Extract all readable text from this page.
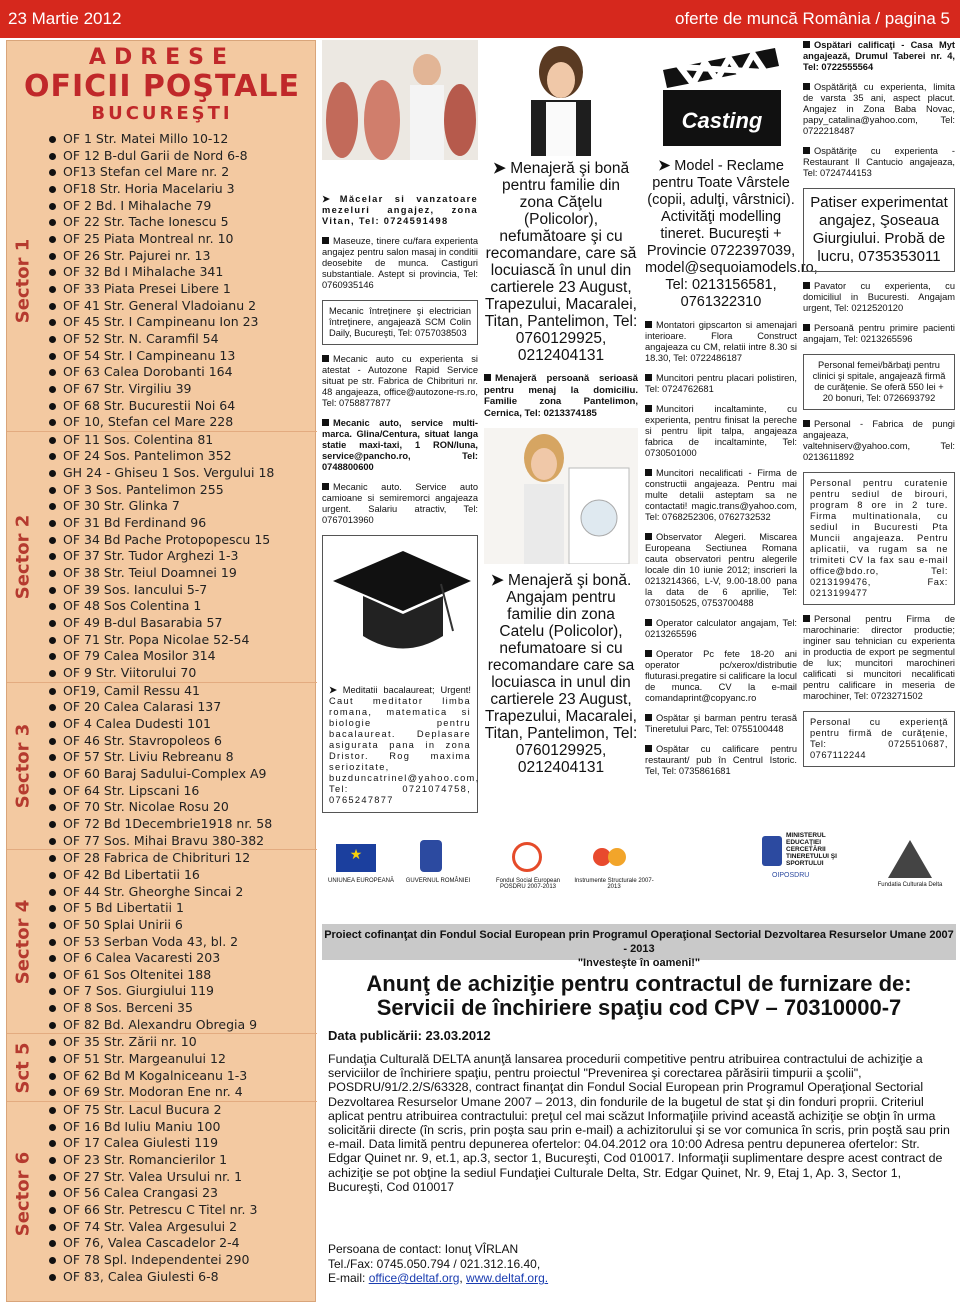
23 Martie 2012	oferte de muncă România / pagina 5
ADRESE
OFICII POŞTALE
BUCUREŞTI
Sector 1
OF 1 Str. Matei Millo 10-12
OF 12 B-dul Garii de Nord 6-8
OF13 Stefan cel Mare nr. 2
OF18 Str. Horia Macelariu 3
OF 2 Bd. I Mihalache 79
OF 22 Str. Tache Ionescu 5
OF 25 Piata Montreal nr. 10
OF 26 Str. Pajurei nr. 13
OF 32 Bd I Mihalache 341
OF 33 Piata Presei Libere 1
OF 41 Str. General Vladoianu 2
OF 45 Str. I Campineanu Ion 23
OF 52 Str. N. Caramfil 54
OF 54 Str. I Campineanu 13
OF 63 Calea Dorobanti 164
OF 67 Str. Virgiliu 39
OF 68 Str. Bucurestii Noi 64
OF 10, Stefan cel Mare 228
Sector 2
OF 11 Sos. Colentina 81
OF 24 Sos. Pantelimon 352
GH 24 - Ghiseu 1 Sos. Vergului 18
OF 3 Sos. Pantelimon 255
OF 30 Str. Glinka 7
OF 31 Bd Ferdinand 96
OF 34 Bd Pache Protopopescu 15
OF 37 Str. Tudor Arghezi 1-3
OF 38 Str. Teiul Doamnei 19
OF 39 Sos. Iancului 5-7
OF 48 Sos Colentina 1
OF 49 B-dul Basarabia 57
OF 71 Str. Popa Nicolae 52-54
OF 79 Calea Mosilor 314
OF 9 Str. Viitorului 70
Sector 3
OF19, Camil Ressu 41
OF 20 Calea Calarasi 137
OF 4 Calea Dudesti 101
OF 46 Str. Stavropoleos 6
OF 57 Str. Liviu Rebreanu 8
OF 60 Baraj Sadului-Complex A9
OF 64 Str. Lipscani 16
OF 70 Str. Nicolae Rosu 20
OF 72 Bd 1Decembrie1918 nr. 58
OF 77 Sos. Mihai Bravu 380-382
Sector 4
OF 28 Fabrica de Chibrituri 12
OF 42 Bd Libertatii 16
OF 44 Str. Gheorghe Sincai 2
OF 5 Bd Libertatii 1
OF 50 Splai Unirii 6
OF 53 Serban Voda 43, bl. 2
OF 6 Calea Vacaresti 203
OF 61 Sos Oltenitei 188
OF 7 Sos. Giurgiului 119
OF 8 Sos. Berceni 35
OF 82 Bd. Alexandru Obregia 9
Sct 5
OF 35 Str. Zării nr. 10
OF 51 Str. Margeanului 12
OF 62 Bd M Kogalniceanu 1-3
OF 69 Str. Modoran Ene nr. 4
Sector 6
OF 75 Str. Lacul Bucura 2
OF 16 Bd Iuliu Maniu 100
OF 17 Calea Giulesti 119
OF 23 Str. Romancierilor 1
OF 27 Str. Valea Ursului nr. 1
OF 56 Calea Crangasi 23
OF 66 Str. Petrescu C Titel nr. 3
OF 74 Str. Valea Argesului 2
OF 76, Valea Cascadelor 2-4
OF 78 Spl. Independentei 290
OF 83, Calea Giulesti 6-8
➤ Măcelar si vanzatoare mezeluri angajez, zona Vitan, Tel: 0724591498
Maseuze, tinere cu/fara experienta angajez pentru salon masaj in conditii deosebite de munca. Castiguri substantiale. Astept si provincia, Tel: 0760935146
Mecanic întreţinere şi electrician întreţinere, angajează SCM Colin Daily, Bucureşti, Tel: 0757038503
Mecanic auto cu experienta si atestat - Autozone Rapid Service situat pe str. Fabrica de Chibrituri nr. 48 angajeaza, office@autozone-rs.ro, Tel: 0758877877
Mecanic auto, service multi-marca. Glina/Centura, situat langa statie maxi-taxi, 1 RON/luna, service@pancho.ro, Tel: 0748800600
Mecanic auto. Service auto camioane si semiremorci angajeaza urgent. Salariu atractiv, Tel: 0767013960
➤ Meditatii bacalaureat; Urgent! Caut meditator limba romana, matematica si biologie pentru bacalaureat. Deplasare asigurata pana in zona Dristor. Rog maxima seriozitate, buzduncatrinel@yahoo.com, Tel: 0721074758, 0765247877
➤ Menajeră şi bonă pentru familie din zona Căţelu (Policolor), nefumătoare şi cu recomandare, care să locuiască în unul din cartierele 23 August, Trapezului, Macaralei, Titan, Pantelimon, Tel: 0760129925, 0212404131
Menajeră persoană serioasă pentru menaj la domiciliu. Familie zona Pantelimon, Cernica, Tel: 0213374185
➤ Menajeră şi bonă. Angajam pentru familie din zona Catelu (Policolor), nefumatoare si cu recomandare care sa locuiasca in unul din cartierele 23 August, Trapezului, Macaralei, Titan, Pantelimon, Tel: 0760129925, 0212404131
Casting
➤ Model - Reclame pentru Toate Vârstele (copii, adulţi, vârstnici). Activităţi modelling tineret. Bucureşti + Provincie 0722397039, model@sequoiamodels.ro, Tel: 0213156581, 0761322310
Montatori gipscarton si amenajari interioare. Flora Construct angajeaza cu CM, relatii intre 8.30 si 18.30, Tel: 0722486187
Muncitori pentru placari polistiren, Tel: 0724762681
Muncitori incaltaminte, cu experienta, pentru finisat la pereche si pentru lipit talpa, angajeaza fabrica de incaltaminte, Tel: 0730501000
Muncitori necalificati - Firma de constructii angajeaza. Pentru mai multe detalii asteptam sa ne contactati! magic.trans@yahoo.com, Tel: 0768252306, 0762732532
Observator Alegeri. Miscarea Europeana Sectiunea Romana cauta observatori pentru alegerile locale din 10 iunie 2012; inscrieri la 0213214366, L-V, 9.00-18.00 pana la data de 6 aprilie, Tel: 0730150525, 0753700488
Operator calculator angajam, Tel: 0213265596
Operator Pc fete 18-20 ani operator pc/xerox/distributie fluturasi.pregatire si calificare la locul de munca. CV la e-mail comandaprint@copyanc.ro
Ospătar şi barman pentru terasă Tineretului Parc, Tel: 0755100448
Ospătar cu calificare pentru restaurant/ pub în Centrul Istoric. Tel, Tel: 0735861681
Ospătari calificaţi - Casa Myt angajează, Drumul Taberei nr. 4, Tel: 0722555564
Ospătăriţă cu experienta, limita de varsta 35 ani, aspect placut. Angajez in Zona Baba Novac, papy_catalina@yahoo.com, Tel: 0722218487
Ospătăriţe cu experienta - Restaurant Il Cantucio angajeaza, Tel: 0724744153
Patiser experimentat angajez, Şoseaua Giurgiului. Probă de lucru, 0735353011
Pavator cu experienta, cu domiciliul in Bucuresti. Angajam urgent, Tel: 0212520120
Persoană pentru primire pacienti angajam, Tel: 0213265596
Personal femei/bărbaţi pentru clinici şi spitale, angajează firmă de curăţenie. Se oferă 550 lei + 20 bonuri, Tel: 0726693792
Personal - Fabrica de pungi angajeaza, valtehniserv@yahoo.com, Tel: 0213611892
Personal pentru curatenie pentru sediul de birouri, program 8 ore in 2 ture. Firma multinationala, cu sediul in Bucuresti Pta Muncii angajeaza. Pentru aplicatii, va rugam sa ne trimiteti CV la fax sau e-mail office@bdo.ro, Tel: 0213199476, Fax: 0213199477
Personal pentru Firma de marochinarie: director productie; inginer sau tehnician cu experienta in productia de export pe segmentul de lux; muncitori marochineri calificati si muncitori necalificati pentru calificare in meseria de marochiner, Tel: 0723271502
Personal cu experienţă pentru firmă de curăţenie, Tel: 0725510687, 0767112244
★
UNIUNEA EUROPEANĂ	GUVERNUL ROMÂNIEI	Fondul Social European POSDRU 2007-2013
Instrumente Structurale 2007-2013
MINISTERUL EDUCAŢIEI CERCETĂRII TINERETULUI ŞI SPORTULUI
OIPOSDRU
Fundatia Culturala Delta
Proiect cofinanţat din Fondul Social European prin Programul Operaţional Sectorial Dezvoltarea Resurselor Umane 2007 - 2013
"Investeşte în oameni!"
Anunţ de achiziţie pentru contractul de furnizare de:
Servicii de închiriere spaţiu cod CPV – 70310000-7
Data publicării: 23.03.2012
Fundaţia Culturală DELTA anunţă lansarea procedurii competitive pentru atribuirea contractului de achiziţie a serviciilor de închiriere spaţiu, pentru proiectul "Prevenirea şi corectarea părăsirii timpurii a şcolii", POSDRU/91/2.2/S/63328, contract finanţat din Fondul Social European prin Programul Operaţional Sectorial Dezvoltarea Resurselor Umane 2007 – 2013, din fondurile de la bugetul de stat şi din fonduri proprii. Criteriul aplicat pentru atribuirea contractului: preţul cel mai scăzut Informaţiile privind această achiziţie se obţin în urma solicitării directe (în scris, prin poşta sau prin e-mail) a achizitorului şi se vor comunica în scris, prin poştă sau prin e-mail. Data limită pentru depunerea ofertelor: 04.04.2012 ora 10:00 Adresa pentru depunerea ofertelor: Str. Edgar Quinet nr. 9, et.1, ap.3, sector 1, Bucureşti, Cod 010017. Informaţii suplimentare despre acest contract de achiziţie se pot obţine la sediul Fundaţiei Culturale Delta, Str. Edgar Quinet, Nr. 9, Etaj 1, Ap. 3, Sector 1, Bucureşti, Cod 010017
Persoana de contact: Ionuţ VÎRLAN
Tel./Fax: 0745.050.794 / 021.312.16.40,
E-mail: office@deltaf.org, www.deltaf.org.
